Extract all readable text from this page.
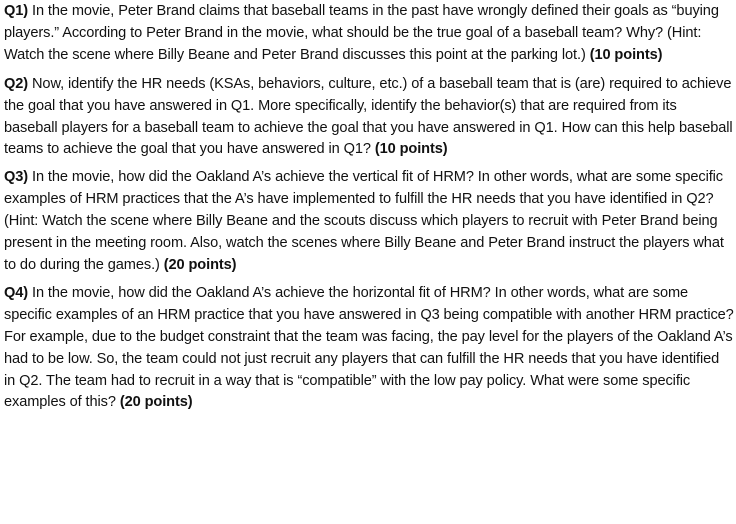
Q1) In the movie, Peter Brand claims that baseball teams in the past have wrongly defined their goals as “buying players.” According to Peter Brand in the movie, what should be the true goal of a baseball team? Why? (Hint: Watch the scene where Billy Beane and Peter Brand discusses this point at the parking lot.) (10 points)

Q2) Now, identify the HR needs (KSAs, behaviors, culture, etc.) of a baseball team that is (are) required to achieve the goal that you have answered in Q1. More specifically, identify the behavior(s) that are required from its baseball players for a baseball team to achieve the goal that you have answered in Q1. How can this help baseball teams to achieve the goal that you have answered in Q1? (10 points)

Q3) In the movie, how did the Oakland A’s achieve the vertical fit of HRM? In other words, what are some specific examples of HRM practices that the A’s have implemented to fulfill the HR needs that you have identified in Q2? (Hint: Watch the scene where Billy Beane and the scouts discuss which players to recruit with Peter Brand being present in the meeting room. Also, watch the scenes where Billy Beane and Peter Brand instruct the players what to do during the games.) (20 points)

Q4) In the movie, how did the Oakland A’s achieve the horizontal fit of HRM? In other words, what are some specific examples of an HRM practice that you have answered in Q3 being compatible with another HRM practice? For example, due to the budget constraint that the team was facing, the pay level for the players of the Oakland A’s had to be low. So, the team could not just recruit any players that can fulfill the HR needs that you have identified in Q2. The team had to recruit in a way that is “compatible” with the low pay policy. What were some specific examples of this? (20 points)
